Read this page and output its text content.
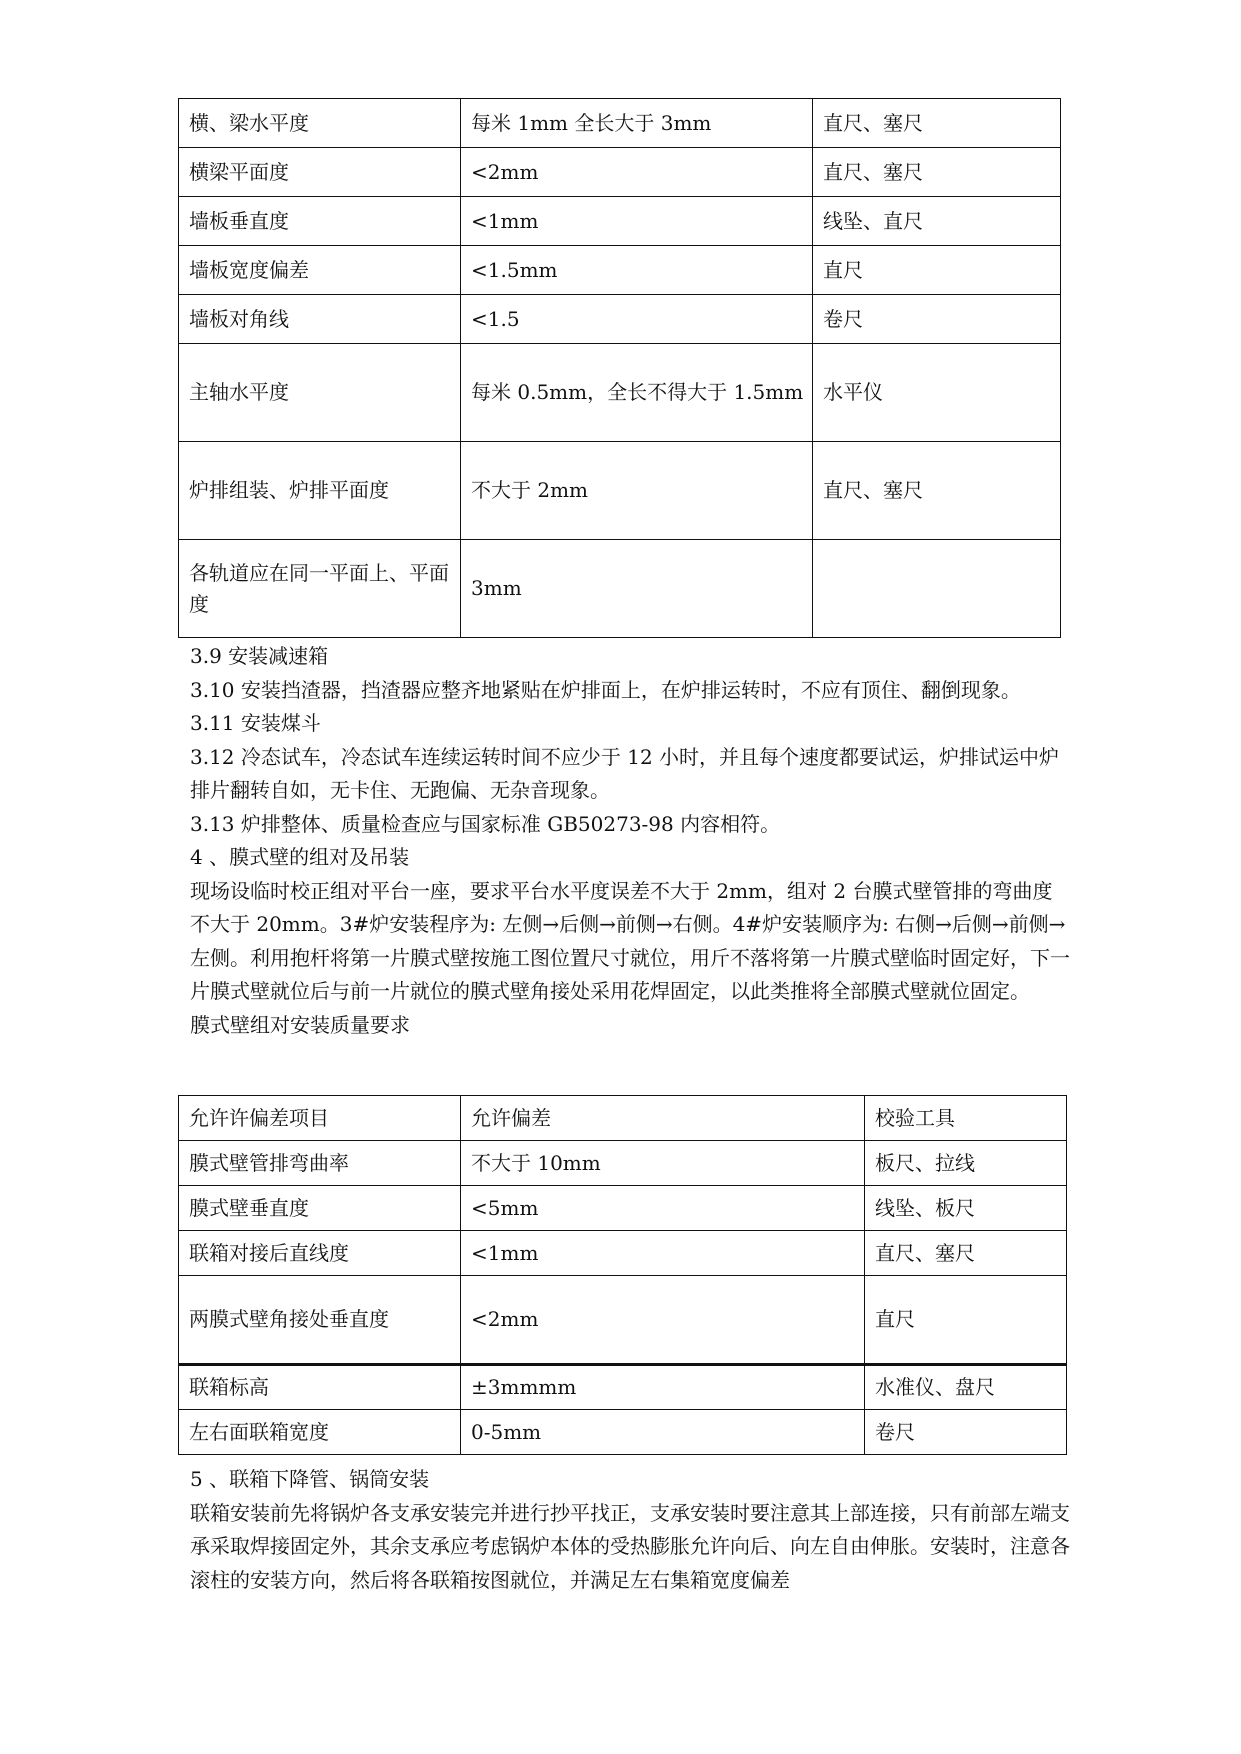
横、梁水平度	每米 1mm 全长大于 3mm	直尺、塞尺
横梁平面度	<2mm	直尺、塞尺
墙板垂直度	<1mm	线坠、直尺
墙板宽度偏差	<1.5mm	直尺
墙板对角线	<1.5	卷尺
主轴水平度	每米 0.5mm，全长不得大于 1.5mm	水平仪
炉排组装、炉排平面度	不大于 2mm	直尺、塞尺
各轨道应在同一平面上、平面度	3mm	
3.9 安装减速箱
3.10 安装挡渣器，挡渣器应整齐地紧贴在炉排面上，在炉排运转时，不应有顶住、翻倒现象。
3.11 安装煤斗
3.12 冷态试车，冷态试车连续运转时间不应少于 12 小时，并且每个速度都要试运，炉排试运中炉排片翻转自如，无卡住、无跑偏、无杂音现象。
3.13 炉排整体、质量检查应与国家标准 GB50273-98 内容相符。
4 、膜式壁的组对及吊装
现场设临时校正组对平台一座，要求平台水平度误差不大于 2mm，组对 2 台膜式壁管排的弯曲度不大于 20mm。3#炉安装程序为: 左侧→后侧→前侧→右侧。4#炉安装顺序为: 右侧→后侧→前侧→左侧。利用抱杆将第一片膜式壁按施工图位置尺寸就位，用斤不落将第一片膜式壁临时固定好，下一片膜式壁就位后与前一片就位的膜式壁角接处采用花焊固定，以此类推将全部膜式壁就位固定。
膜式壁组对安装质量要求
允许许偏差项目	允许偏差	校验工具
膜式壁管排弯曲率	不大于 10mm	板尺、拉线
膜式壁垂直度	<5mm	线坠、板尺
联箱对接后直线度	<1mm	直尺、塞尺
两膜式壁角接处垂直度	<2mm	直尺
联箱标高	±3mmmm	水准仪、盘尺
左右面联箱宽度	0-5mm	卷尺
5 、联箱下降管、锅筒安装
联箱安装前先将锅炉各支承安装完并进行抄平找正，支承安装时要注意其上部连接，只有前部左端支承采取焊接固定外，其余支承应考虑锅炉本体的受热膨胀允许向后、向左自由伸胀。安装时，注意各滚柱的安装方向，然后将各联箱按图就位，并满足左右集箱宽度偏差
